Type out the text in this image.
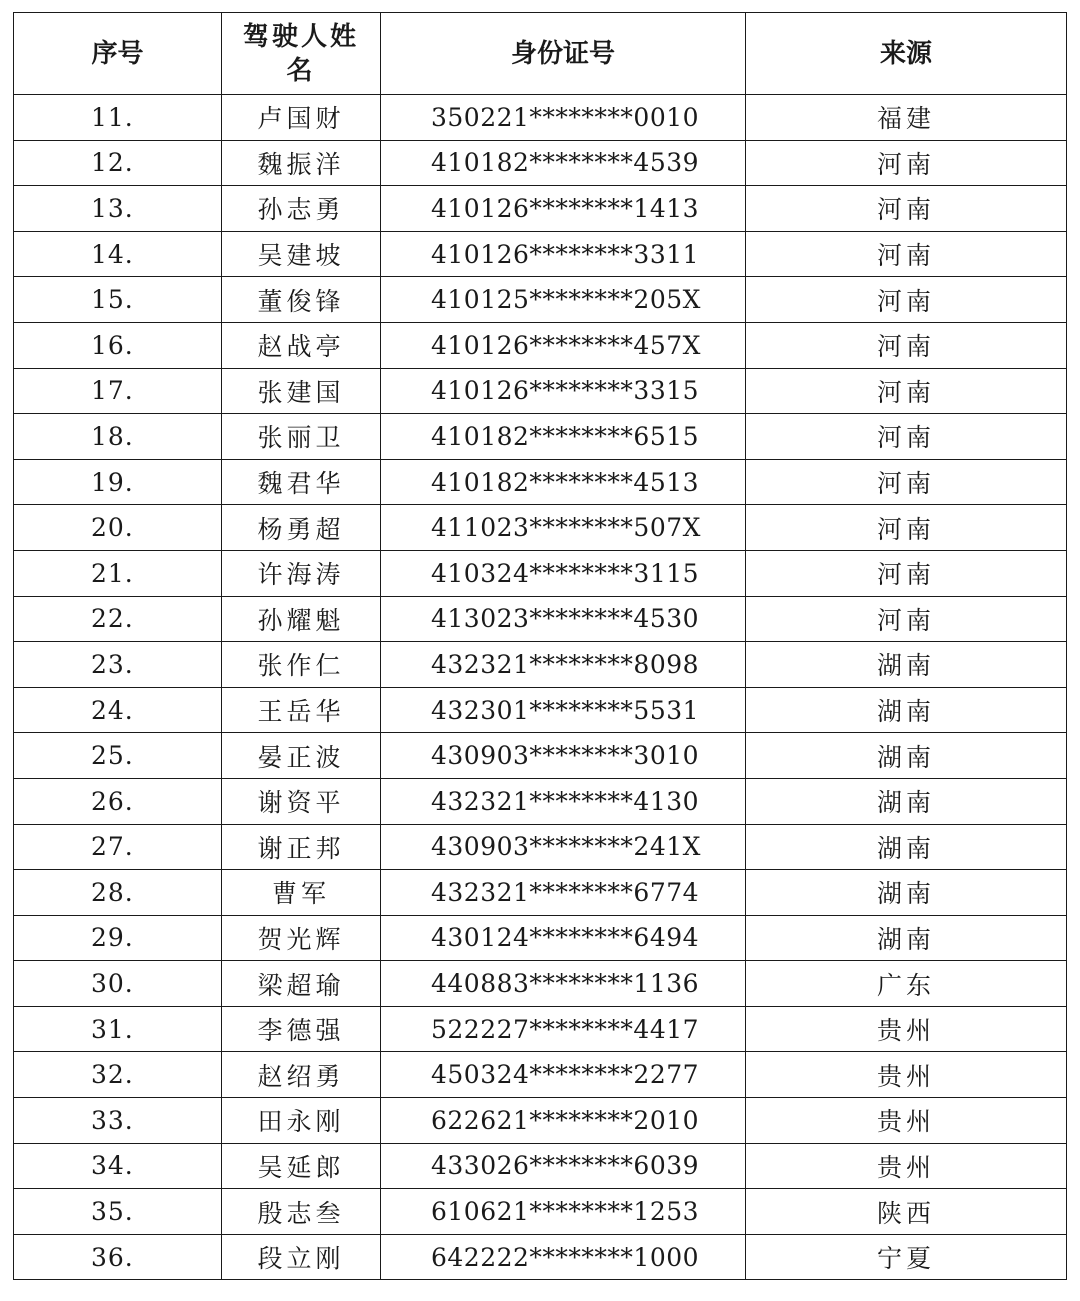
序号	驾驶人姓名	身份证号	来源
11.	卢国财	350221********0010	福建
12.	魏振洋	410182********4539	河南
13.	孙志勇	410126********1413	河南
14.	吴建坡	410126********3311	河南
15.	董俊锋	410125********205X	河南
16.	赵战亭	410126********457X	河南
17.	张建国	410126********3315	河南
18.	张丽卫	410182********6515	河南
19.	魏君华	410182********4513	河南
20.	杨勇超	411023********507X	河南
21.	许海涛	410324********3115	河南
22.	孙耀魁	413023********4530	河南
23.	张作仁	432321********8098	湖南
24.	王岳华	432301********5531	湖南
25.	晏正波	430903********3010	湖南
26.	谢资平	432321********4130	湖南
27.	谢正邦	430903********241X	湖南
28.	曹军	432321********6774	湖南
29.	贺光辉	430124********6494	湖南
30.	梁超瑜	440883********1136	广东
31.	李德强	522227********4417	贵州
32.	赵绍勇	450324********2277	贵州
33.	田永刚	622621********2010	贵州
34.	吴延郎	433026********6039	贵州
35.	殷志叁	610621********1253	陕西
36.	段立刚	642222********1000	宁夏
